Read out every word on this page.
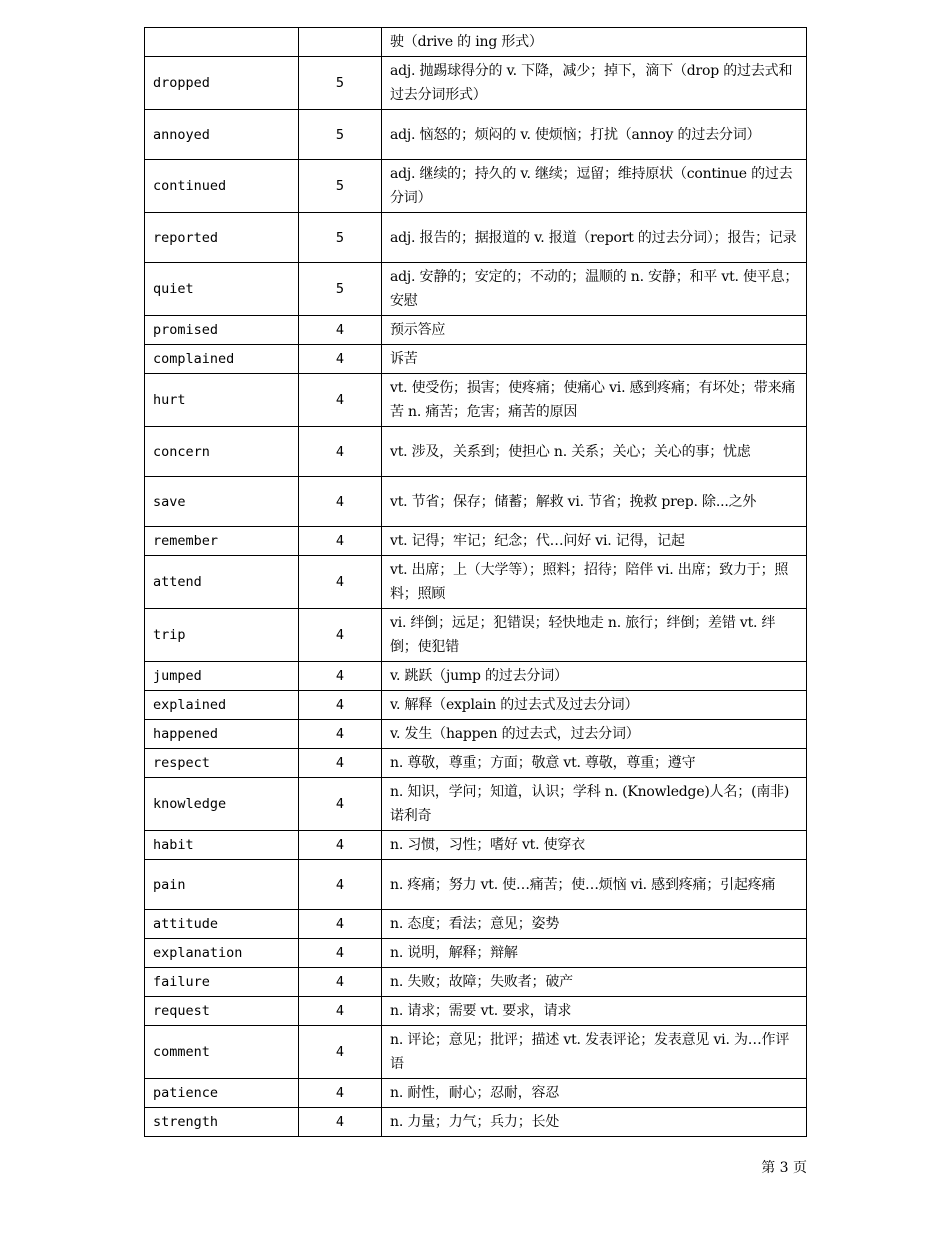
		驶（drive 的 ing 形式）
dropped	5	adj. 抛踢球得分的 v. 下降，减少；掉下，滴下（drop 的过去式和过去分词形式）
annoyed	5	adj. 恼怒的；烦闷的 v. 使烦恼；打扰（annoy 的过去分词）
continued	5	adj. 继续的；持久的 v. 继续；逗留；维持原状（continue 的过去分词）
reported	5	adj. 报告的；据报道的 v. 报道（report 的过去分词）；报告；记录
quiet	5	adj. 安静的；安定的；不动的；温顺的 n. 安静；和平 vt. 使平息；安慰
promised	4	预示答应
complained	4	诉苦
hurt	4	vt. 使受伤；损害；使疼痛；使痛心 vi. 感到疼痛；有坏处；带来痛苦 n. 痛苦；危害；痛苦的原因
concern	4	vt. 涉及，关系到；使担心 n. 关系；关心；关心的事；忧虑
save	4	vt. 节省；保存；储蓄；解救 vi. 节省；挽救 prep. 除...之外
remember	4	vt. 记得；牢记；纪念；代…问好 vi. 记得，记起
attend	4	vt. 出席；上（大学等）；照料；招待；陪伴 vi. 出席；致力于；照料；照顾
trip	4	vi. 绊倒；远足；犯错误；轻快地走 n. 旅行；绊倒；差错 vt. 绊倒；使犯错
jumped	4	v. 跳跃（jump 的过去分词）
explained	4	v. 解释（explain 的过去式及过去分词）
happened	4	v. 发生（happen 的过去式，过去分词）
respect	4	n. 尊敬，尊重；方面；敬意 vt. 尊敬，尊重；遵守
knowledge	4	n. 知识，学问；知道，认识；学科 n. (Knowledge)人名；(南非)诺利奇
habit	4	n. 习惯，习性；嗜好 vt. 使穿衣
pain	4	n. 疼痛；努力 vt. 使…痛苦；使…烦恼 vi. 感到疼痛；引起疼痛
attitude	4	n. 态度；看法；意见；姿势
explanation	4	n. 说明，解释；辩解
failure	4	n. 失败；故障；失败者；破产
request	4	n. 请求；需要 vt. 要求，请求
comment	4	n. 评论；意见；批评；描述 vt. 发表评论；发表意见 vi. 为…作评语
patience	4	n. 耐性，耐心；忍耐，容忍
strength	4	n. 力量；力气；兵力；长处
第 3 页
